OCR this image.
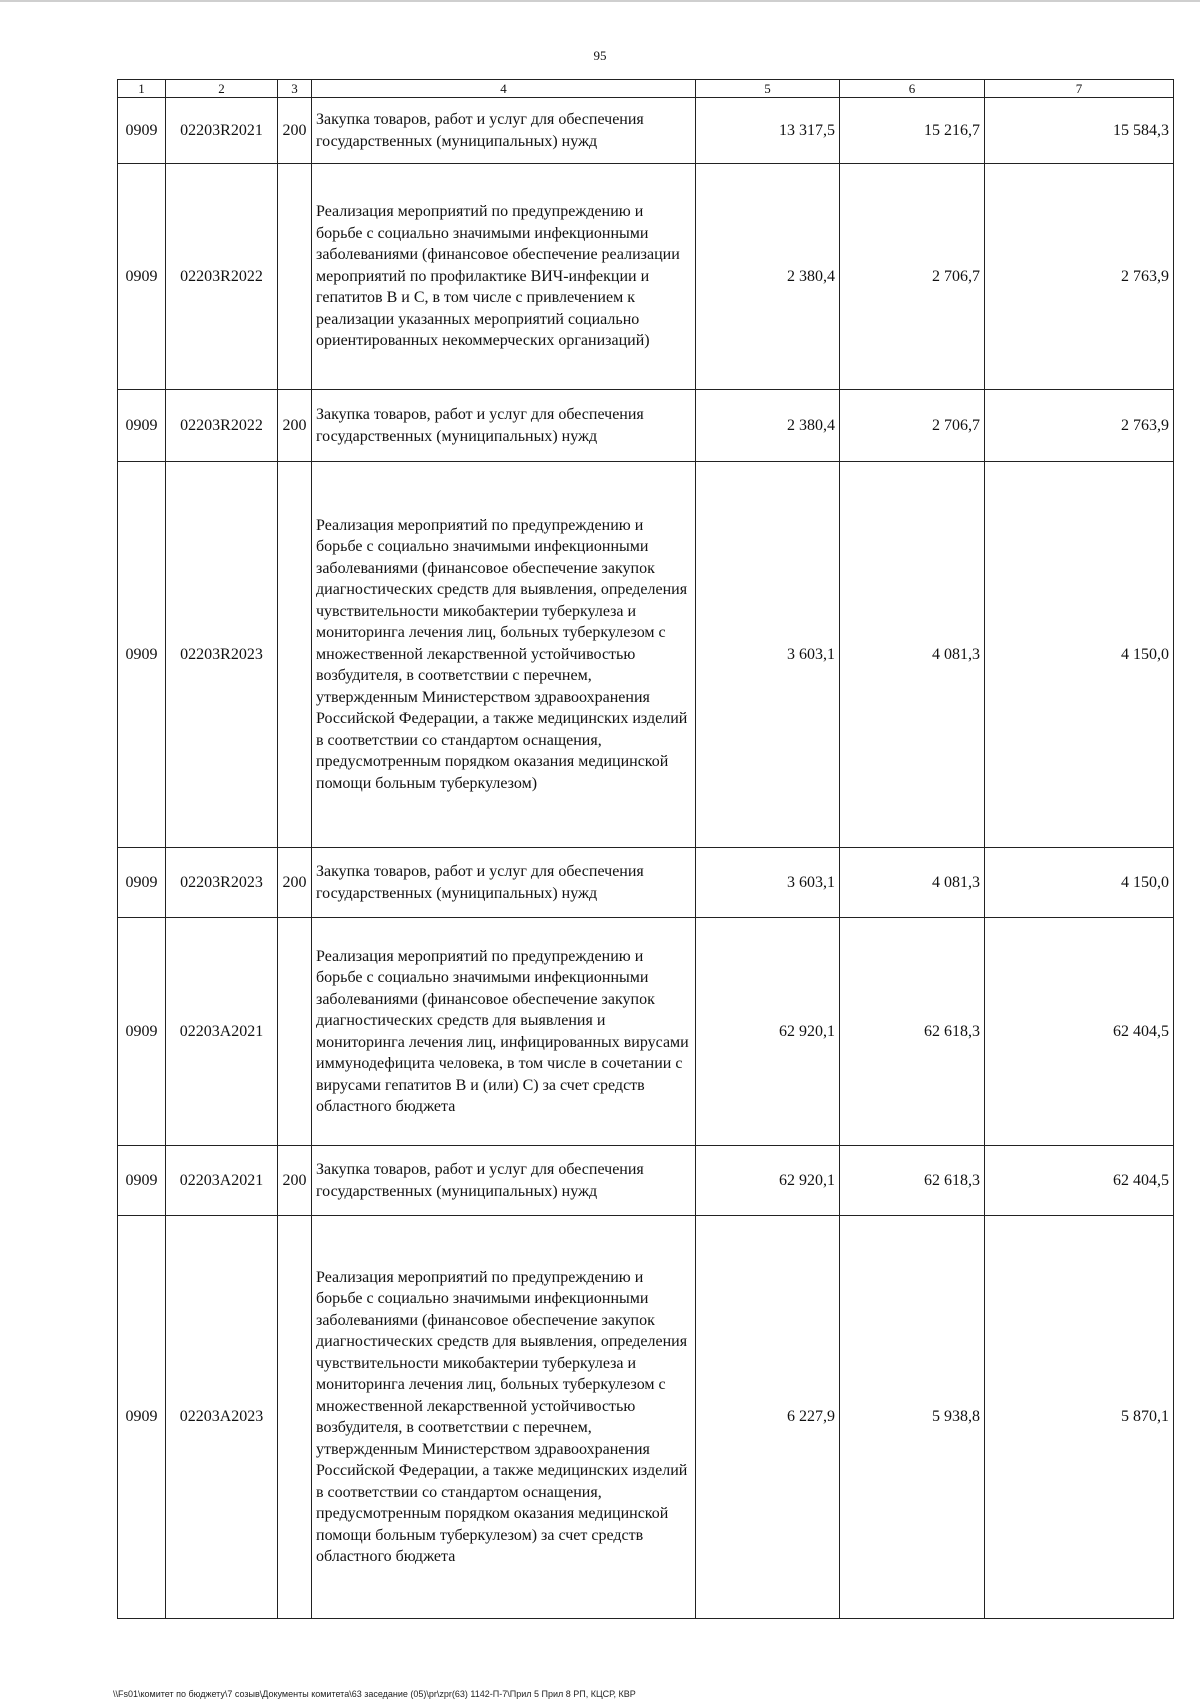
95
1	2	3	4	5	6	7
0909	02203R2021	200	Закупка товаров, работ и услуг для обеспечения государственных (муниципальных) нужд	13 317,5	15 216,7	15 584,3
0909	02203R2022		Реализация мероприятий по предупреждению и борьбе с социально значимыми инфекционными заболеваниями (финансовое обеспечение реализации мероприятий по профилактике ВИЧ-инфекции и гепатитов B и C, в том числе с привлечением к реализации указанных мероприятий социально ориентированных некоммерческих организаций)	2 380,4	2 706,7	2 763,9
0909	02203R2022	200	Закупка товаров, работ и услуг для обеспечения государственных (муниципальных) нужд	2 380,4	2 706,7	2 763,9
0909	02203R2023		Реализация мероприятий по предупреждению и борьбе с социально значимыми инфекционными заболеваниями (финансовое обеспечение закупок диагностических средств для выявления, определения чувствительности микобактерии туберкулеза и мониторинга лечения лиц, больных туберкулезом с множественной лекарственной устойчивостью возбудителя, в соответствии с перечнем, утвержденным Министерством здравоохранения Российской Федерации, а также медицинских изделий в соответствии со стандартом оснащения, предусмотренным порядком оказания медицинской помощи больным туберкулезом)	3 603,1	4 081,3	4 150,0
0909	02203R2023	200	Закупка товаров, работ и услуг для обеспечения государственных (муниципальных) нужд	3 603,1	4 081,3	4 150,0
0909	02203A2021		Реализация мероприятий по предупреждению и борьбе с социально значимыми инфекционными заболеваниями (финансовое обеспечение закупок диагностических средств для выявления и мониторинга лечения лиц, инфицированных вирусами иммунодефицита человека, в том числе в сочетании с вирусами гепатитов B и (или) C) за счет средств областного бюджета	62 920,1	62 618,3	62 404,5
0909	02203A2021	200	Закупка товаров, работ и услуг для обеспечения государственных (муниципальных) нужд	62 920,1	62 618,3	62 404,5
0909	02203A2023		Реализация мероприятий по предупреждению и борьбе с социально значимыми инфекционными заболеваниями (финансовое обеспечение закупок диагностических средств для выявления, определения чувствительности микобактерии туберкулеза и мониторинга лечения лиц, больных туберкулезом с множественной лекарственной устойчивостью возбудителя, в соответствии с перечнем, утвержденным Министерством здравоохранения Российской Федерации, а также медицинских изделий в соответствии со стандартом оснащения, предусмотренным порядком оказания медицинской помощи больным туберкулезом) за счет средств областного бюджета	6 227,9	5 938,8	5 870,1
\\Fs01\комитет по бюджету\7 созыв\Документы комитета\63 заседание (05)\pr\zpr(63) 1142-П-7\Прил 5 Прил 8 РП, КЦСР, КВР
